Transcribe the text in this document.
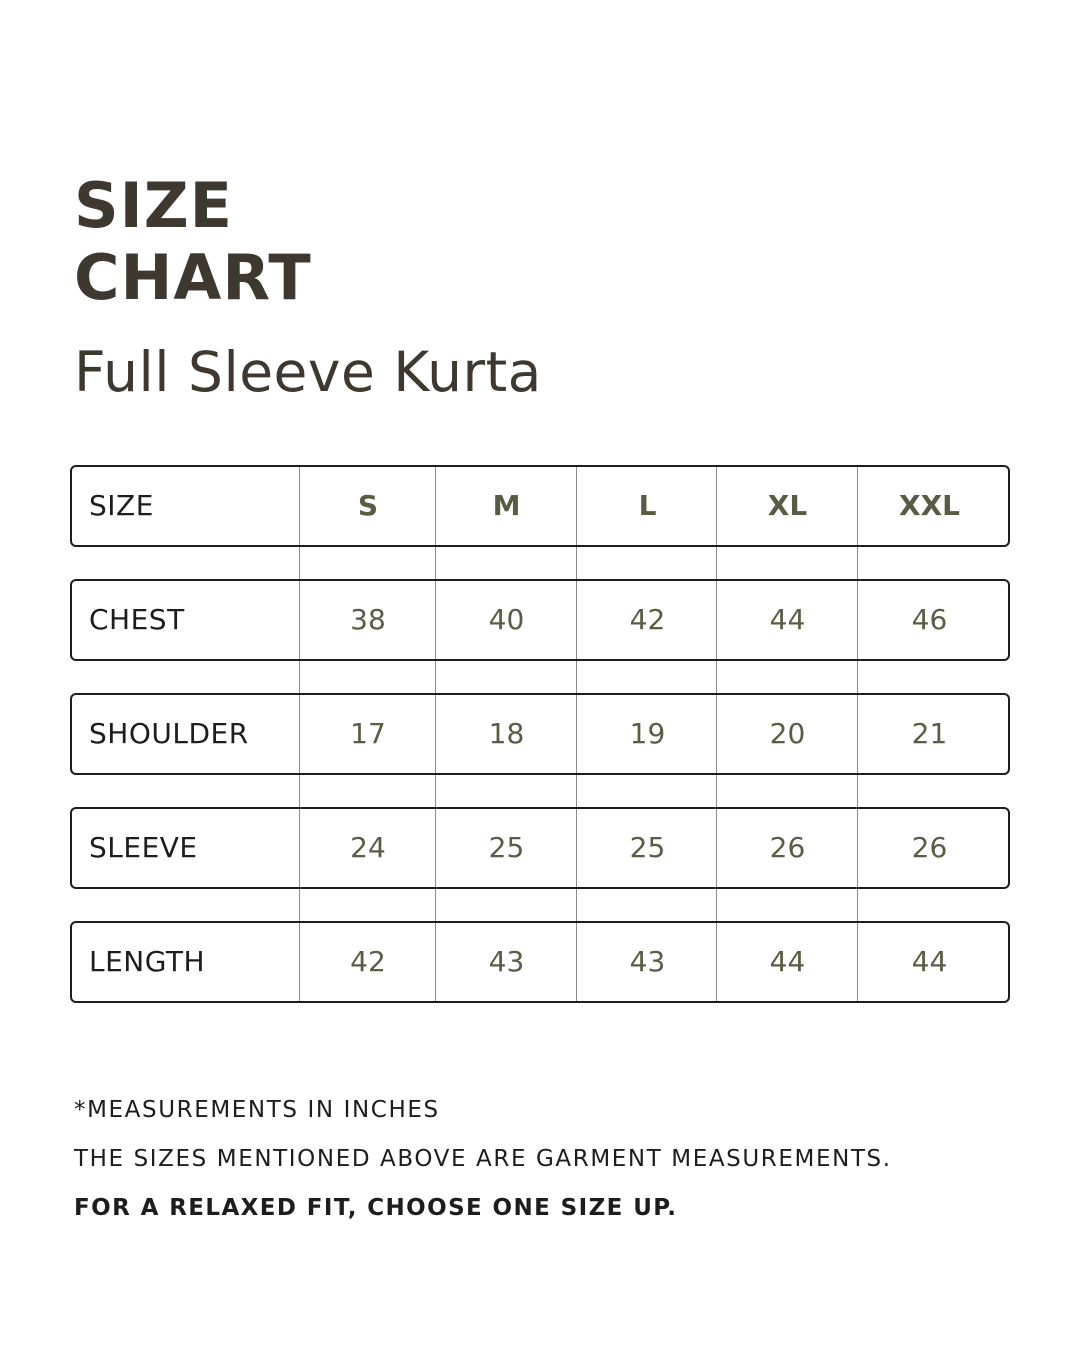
SIZE
CHART
Full Sleeve Kurta
SIZE	S	M	L	XL	XXL
CHEST	38	40	42	44	46
SHOULDER	17	18	19	20	21
SLEEVE	24	25	25	26	26
LENGTH	42	43	43	44	44
*MEASUREMENTS IN INCHES
THE SIZES MENTIONED ABOVE ARE GARMENT MEASUREMENTS.
FOR A RELAXED FIT, CHOOSE ONE SIZE UP.
